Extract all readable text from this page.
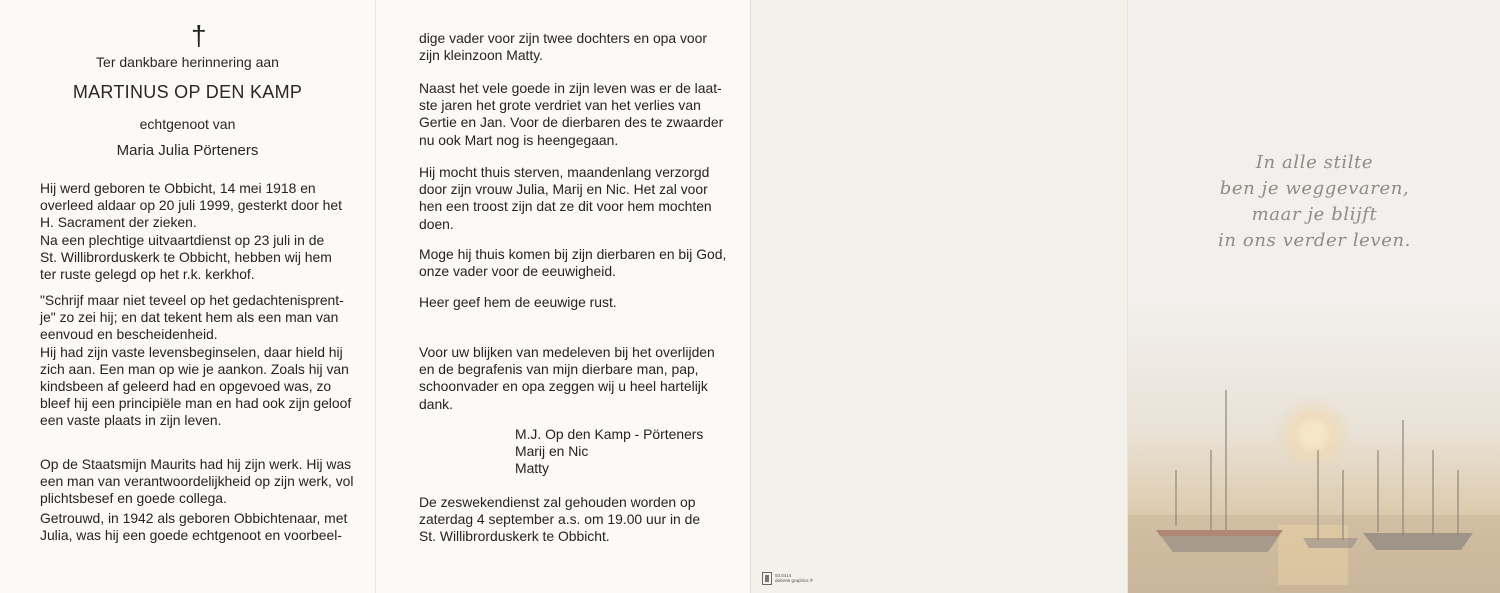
†
Ter dankbare herinnering aan
MARTINUS OP DEN KAMP
echtgenoot van
Maria Julia Pörteners

Hij werd geboren te Obbicht, 14 mei 1918 en
overleed aldaar op 20 juli 1999, gesterkt door het
H. Sacrament der zieken.
Na een plechtige uitvaartdienst op 23 juli in de
St. Willibrorduskerk te Obbicht, hebben wij hem
ter ruste gelegd op het r.k. kerkhof.

"Schrijf maar niet teveel op het gedachtenisprent-
je" zo zei hij; en dat tekent hem als een man van
eenvoud en bescheidenheid.
Hij had zijn vaste levensbeginselen, daar hield hij
zich aan. Een man op wie je aankon. Zoals hij van
kindsbeen af geleerd had en opgevoed was, zo
bleef hij een principiële man en had ook zijn geloof
een vaste plaats in zijn leven.

Op de Staatsmijn Maurits had hij zijn werk. Hij was
een man van verantwoordelijkheid op zijn werk, vol
plichtsbesef en goede collega.

Getrouwd, in 1942 als geboren Obbichtenaar, met
Julia, was hij een goede echtgenoot en voorbeel-

dige vader voor zijn twee dochters en opa voor
zijn kleinzoon Matty.

Naast het vele goede in zijn leven was er de laat-
ste jaren het grote verdriet van het verlies van
Gertie en Jan. Voor de dierbaren des te zwaarder
nu ook Mart nog is heengegaan.

Hij mocht thuis sterven, maandenlang verzorgd
door zijn vrouw Julia, Marij en Nic. Het zal voor
hen een troost zijn dat ze dit voor hem mochten
doen.

Moge hij thuis komen bij zijn dierbaren en bij God,
onze vader voor de eeuwigheid.

Heer geef hem de eeuwige rust.

Voor uw blijken van medeleven bij het overlijden
en de begrafenis van mijn dierbare man, pap,
schoonvader en opa zeggen wij u heel hartelijk
dank.

M.J. Op den Kamp - Pörteners
Marij en Nic
Matty

De zeswekendienst zal gehouden worden op
zaterdag 4 september a.s. om 19.00 uur in de
St. Willibrorduskerk te Obbicht.

93.0414
deberte graphics ®
In alle stilte
ben je weggevaren,
maar je blijft
in ons verder leven.
